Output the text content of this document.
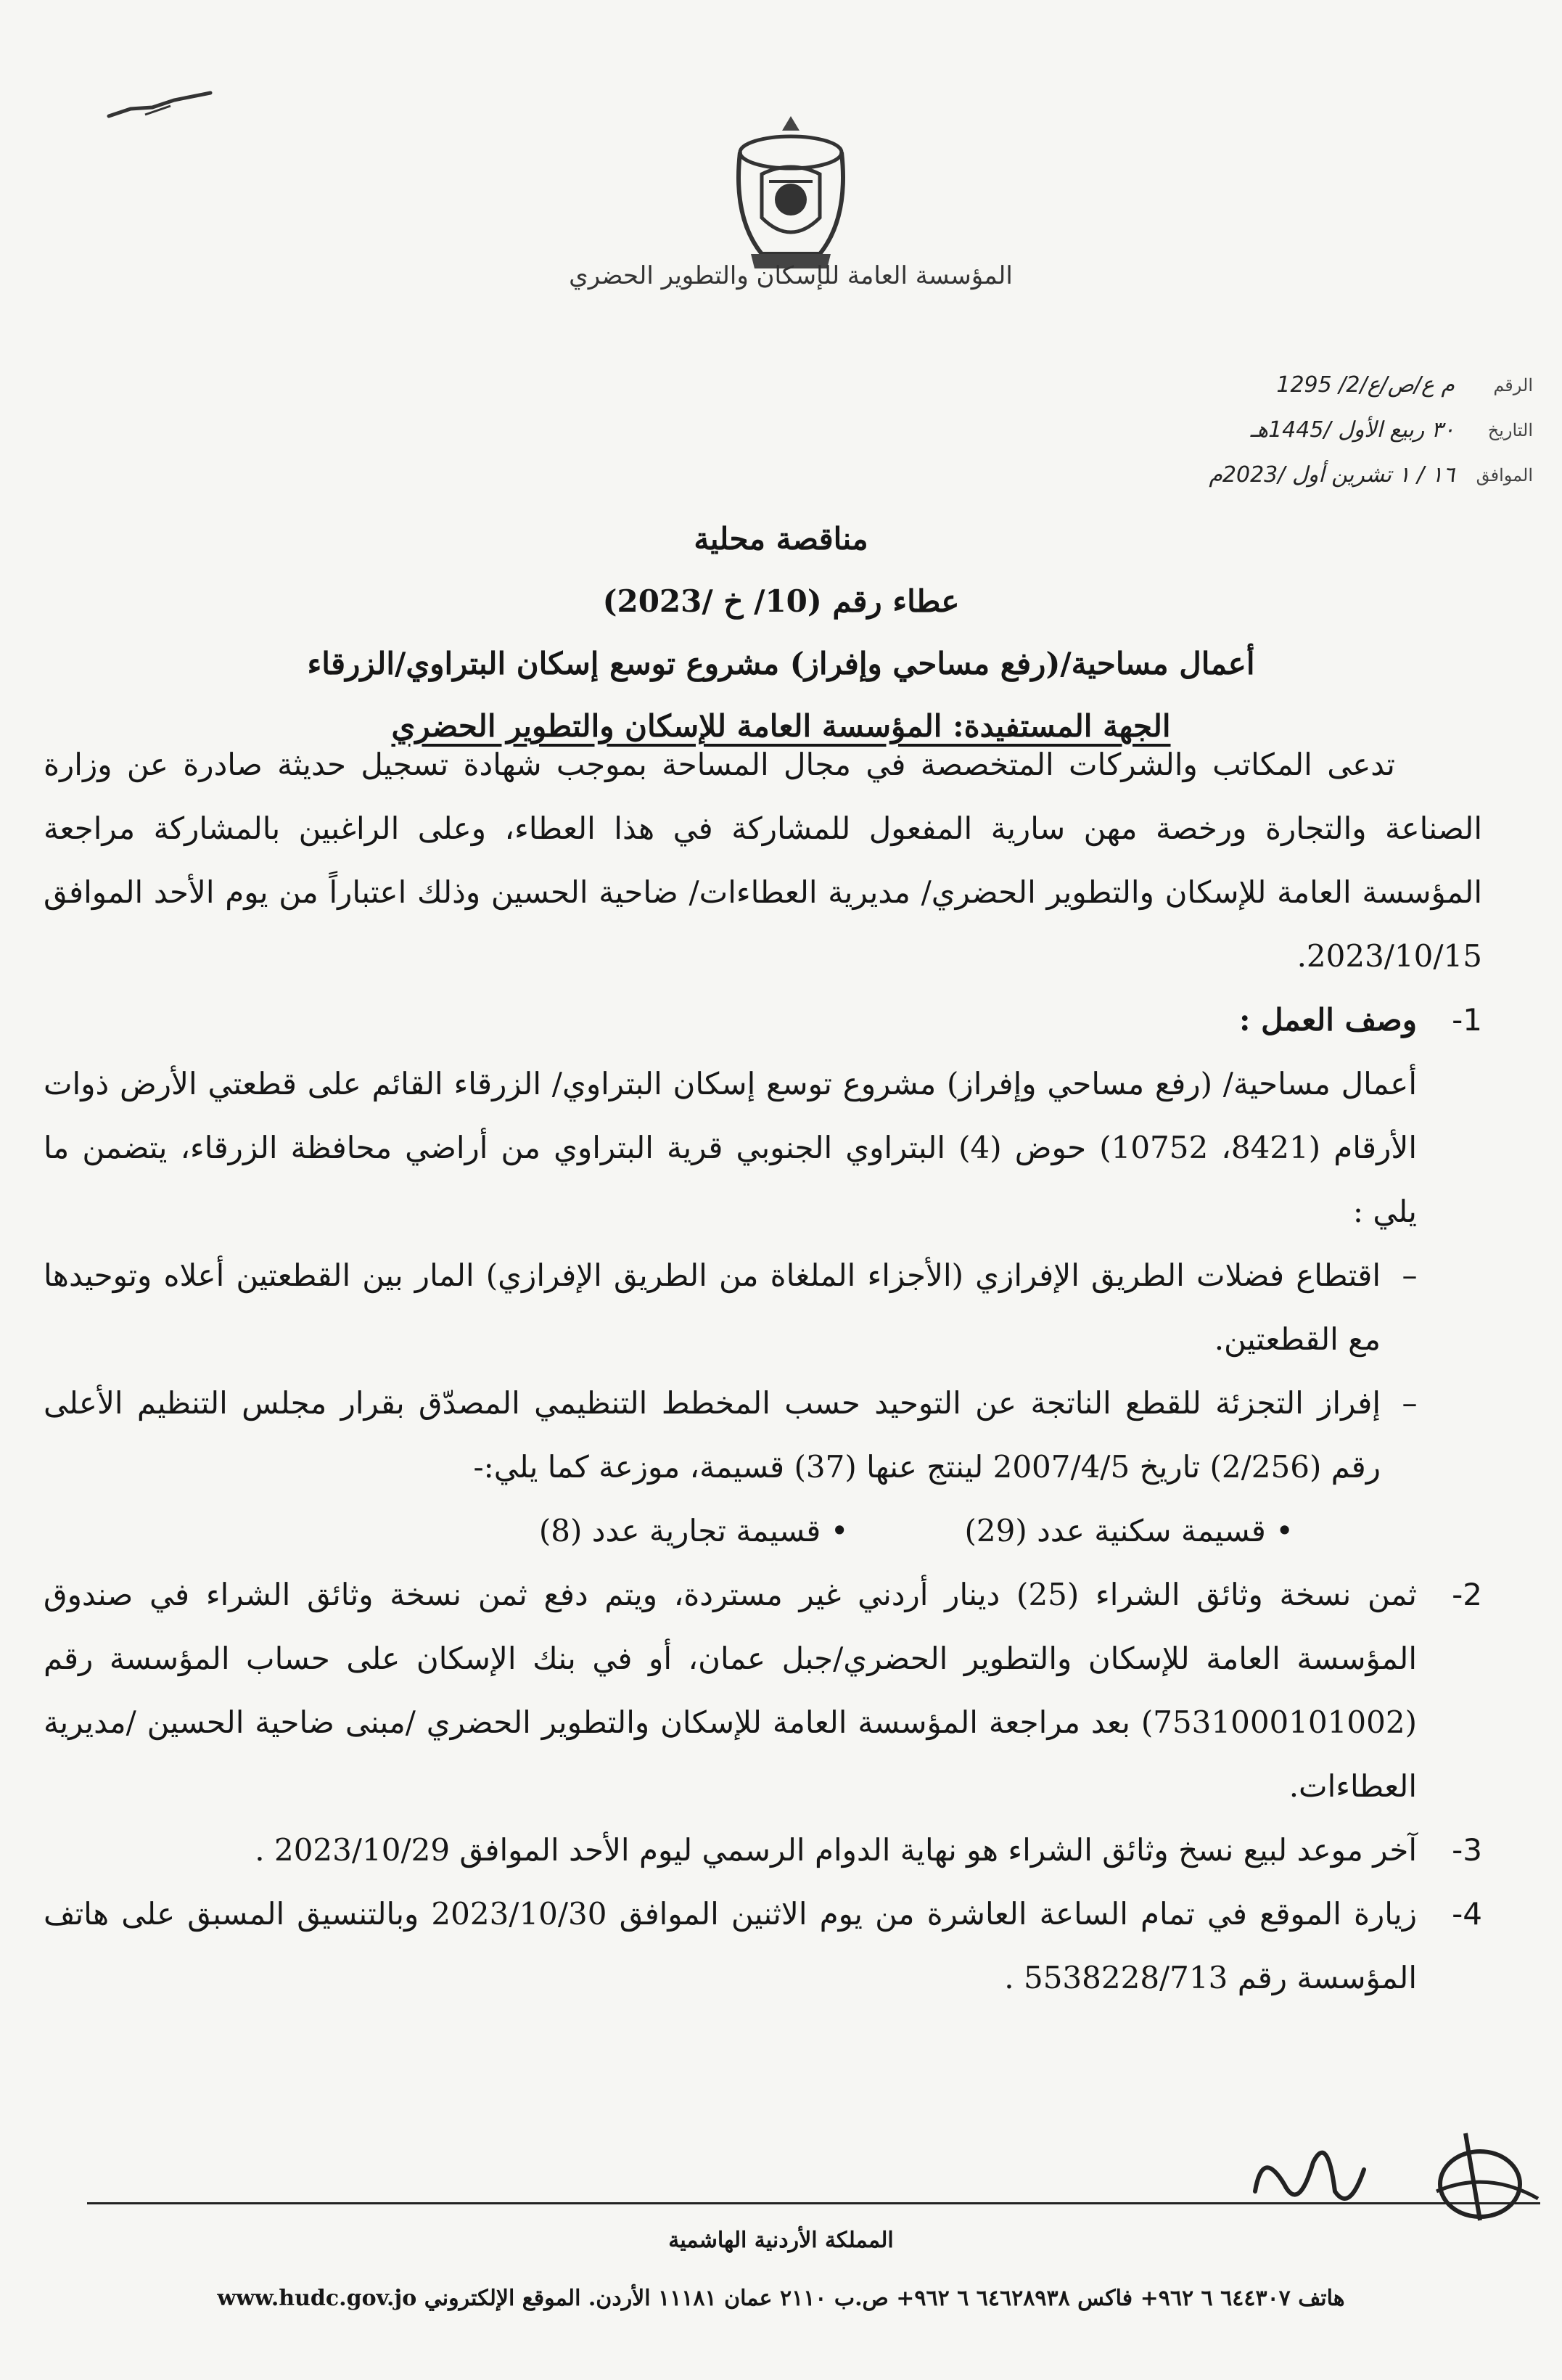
المؤسسة العامة للإسكان والتطوير الحضري
الرقم
م ع/ص/ع/2/ 1295
التاريخ
٣٠ ربيع الأول /1445هـ
الموافق
١٦ / ١ تشرين أول /2023م
مناقصة محلية
عطاء رقم (10/ خ /2023)
أعمال مساحية/(رفع مساحي وإفراز) مشروع توسع إسكان البتراوي/الزرقاء
الجهة المستفيدة: المؤسسة العامة للإسكان والتطوير الحضري

تدعى المكاتب والشركات المتخصصة في مجال المساحة بموجب شهادة تسجيل حديثة صادرة عن وزارة الصناعة والتجارة ورخصة مهن سارية المفعول للمشاركة في هذا العطاء، وعلى الراغبين بالمشاركة مراجعة المؤسسة العامة للإسكان والتطوير الحضري/ مديرية العطاءات/ ضاحية الحسين وذلك اعتباراً من يوم الأحد الموافق 2023/10/15.

1-
وصف العمل :

أعمال مساحية/ (رفع مساحي وإفراز) مشروع توسع إسكان البتراوي/ الزرقاء القائم على قطعتي الأرض ذوات الأرقام (8421، 10752) حوض (4) البتراوي الجنوبي قرية البتراوي من أراضي محافظة الزرقاء، يتضمن ما يلي :

–
اقتطاع فضلات الطريق الإفرازي (الأجزاء الملغاة من الطريق الإفرازي) المار بين القطعتين أعلاه وتوحيدها مع القطعتين.
–
إفراز التجزئة للقطع الناتجة عن التوحيد حسب المخطط التنظيمي المصدّق بقرار مجلس التنظيم الأعلى رقم (2/256) تاريخ 2007/4/5 لينتج عنها (37) قسيمة، موزعة كما يلي:-
• قسيمة سكنية عدد (29)
• قسيمة تجارية عدد (8)
2-
ثمن نسخة وثائق الشراء (25) دينار أردني غير مستردة، ويتم دفع ثمن نسخة وثائق الشراء في صندوق المؤسسة العامة للإسكان والتطوير الحضري/جبل عمان، أو في بنك الإسكان على حساب المؤسسة رقم (7531000101002) بعد مراجعة المؤسسة العامة للإسكان والتطوير الحضري /مبنى ضاحية الحسين /مديرية العطاءات.
3-
آخر موعد لبيع نسخ وثائق الشراء هو نهاية الدوام الرسمي ليوم الأحد الموافق 2023/10/29 .
4-
زيارة الموقع في تمام الساعة العاشرة من يوم الاثنين الموافق 2023/10/30 وبالتنسيق المسبق على هاتف المؤسسة رقم 5538228/713 .
المملكة الأردنية الهاشمية
هاتف ٦٤٤٣٠٧ ٦ ٩٦٢+ فاكس ٦٤٦٢٨٩٣٨ ٦ ٩٦٢+ ص.ب ٢١١٠ عمان ١١١٨١ الأردن. الموقع الإلكتروني www.hudc.gov.jo
